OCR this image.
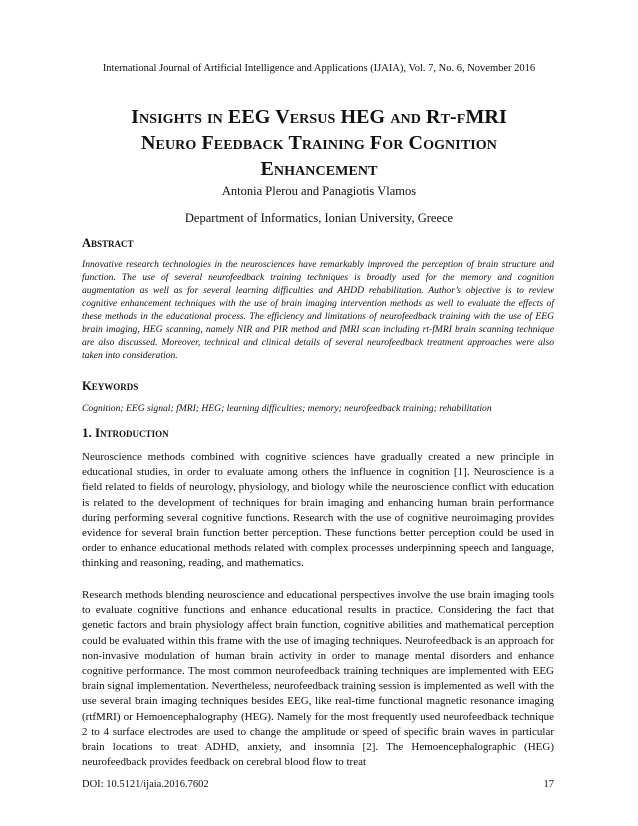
International Journal of Artificial Intelligence and Applications (IJAIA), Vol. 7, No. 6, November 2016
Insights in EEG Versus HEG and Rt-fMRI
Neuro Feedback Training For Cognition
Enhancement
Antonia Plerou and Panagiotis Vlamos
Department of Informatics, Ionian University, Greece
Abstract
Innovative research technologies in the neurosciences have remarkably improved the perception of brain structure and function. The use of several neurofeedback training techniques is broadly used for the memory and cognition augmentation as well as for several learning difficulties and AHDD rehabilitation. Author’s objective is to review cognitive enhancement techniques with the use of brain imaging intervention methods as well to evaluate the effects of these methods in the educational process. The efficiency and limitations of neurofeedback training with the use of EEG brain imaging, HEG scanning, namely NIR and PIR method and fMRI scan including rt-fMRI brain scanning technique are also discussed. Moreover, technical and clinical details of several neurofeedback treatment approaches were also taken into consideration.
Keywords
Cognition; EEG signal; fMRI; HEG; learning difficulties; memory; neurofeedback training; rehabilitation
1. Introduction
Neuroscience methods combined with cognitive sciences have gradually created a new principle in educational studies, in order to evaluate among others the influence in cognition [1]. Neuroscience is a field related to fields of neurology, physiology, and biology while the neuroscience conflict with education is related to the development of techniques for brain imaging and enhancing human brain performance during performing several cognitive functions. Research with the use of cognitive neuroimaging provides evidence for several brain function better perception. These functions better perception could be used in order to enhance educational methods related with complex processes underpinning speech and language, thinking and reasoning, reading, and mathematics.
Research methods blending neuroscience and educational perspectives involve the use brain imaging tools to evaluate cognitive functions and enhance educational results in practice. Considering the fact that genetic factors and brain physiology affect brain function, cognitive abilities and mathematical perception could be evaluated within this frame with the use of imaging techniques. Neurofeedback is an approach for non-invasive modulation of human brain activity in order to manage mental disorders and enhance cognitive performance. The most common neurofeedback training techniques are implemented with EEG brain signal implementation. Nevertheless, neurofeedback training session is implemented as well with the use several brain imaging techniques besides EEG, like real-time functional magnetic resonance imaging (rtfMRI) or Hemoencephalography (HEG). Namely for the most frequently used neurofeedback technique 2 to 4 surface electrodes are used to change the amplitude or speed of specific brain waves in particular brain locations to treat ADHD, anxiety, and insomnia [2]. The Hemoencephalographic (HEG) neurofeedback provides feedback on cerebral blood flow to treat
DOI: 10.5121/ijaia.2016.7602	17
